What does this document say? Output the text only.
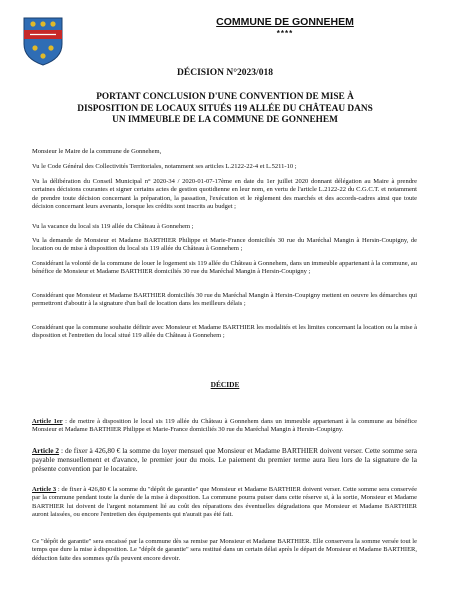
COMMUNE DE GONNEHEM
****
DÉCISION N°2023/018
PORTANT CONCLUSION D'UNE CONVENTION DE MISE À
DISPOSITION DE LOCAUX SITUÉS 119 ALLÉE DU CHÂTEAU DANS
UN IMMEUBLE DE LA COMMUNE DE GONNEHEM
Monsieur le Maire de la commune de Gonnehem,
Vu le Code Général des Collectivités Territoriales, notamment ses articles L.2122-22-4 et L.5211-10 ;
Vu la délibération du Conseil Municipal n° 2020-34 / 2020-01-07-17ème en date du 1er juillet 2020 donnant délégation au Maire à prendre certaines décisions courantes et signer certains actes de gestion quotidienne en leur nom, en vertu de l'article L.2122-22 du C.G.C.T. et notamment de prendre toute décision concernant la préparation, la passation, l'exécution et le règlement des marchés et des accords-cadres ainsi que toute décision concernant leurs avenants, lorsque les crédits sont inscrits au budget ;
Vu la vacance du local sis 119 allée du Château à Gonnehem ;
Vu la demande de Monsieur et Madame BARTHIER Philippe et Marie-France domiciliés 30 rue du Maréchal Mangin à Hersin-Coupigny, de location ou de mise à disposition du local sis 119 allée du Château à Gonnehem ;
Considérant la volonté de la commune de louer le logement sis 119 allée du Château à Gonnehem, dans un immeuble appartenant à la commune, au bénéfice de Monsieur et Madame BARTHIER domiciliés 30 rue du Maréchal Mangin à Hersin-Coupigny ;
Considérant que Monsieur et Madame BARTHIER domiciliés 30 rue du Maréchal Mangin à Hersin-Coupigny mettent en oeuvre les démarches qui permettront d'aboutir à la signature d'un bail de location dans les meilleurs délais ;
Considérant que la commune souhaite définir avec Monsieur et Madame BARTHIER les modalités et les limites concernant la location ou la mise à disposition et l'entretien du local situé 119 allée du Château à Gonnehem ;
DÉCIDE
Article 1er : de mettre à disposition le local sis 119 allée du Château à Gonnehem dans un immeuble appartenant à la commune au bénéfice Monsieur et Madame BARTHIER Philippe et Marie-France domiciliés 30 rue du Maréchal Mangin à Hersin-Coupigny.
Article 2 : de fixer à 426,80 € la somme du loyer mensuel que Monsieur et Madame BARTHIER doivent verser. Cette somme sera payable mensuellement et d'avance, le premier jour du mois. Le paiement du premier terme aura lieu lors de la signature de la présente convention par le locataire.
Article 3 : de fixer à 426,80 € la somme du "dépôt de garantie" que Monsieur et Madame BARTHIER doivent verser. Cette somme sera conservée par la commune pendant toute la durée de la mise à disposition. La commune pourra puiser dans cette réserve si, à la sortie, Monsieur et Madame BARTHIER lui doivent de l'argent notamment lié au coût des réparations des éventuelles dégradations que Monsieur et Madame BARTHIER auront laissées, ou encore l'entretien des équipements qui n'aurait pas été fait.
Ce "dépôt de garantie" sera encaissé par la commune dès sa remise par Monsieur et Madame BARTHIER. Elle conservera la somme versée tout le temps que dure la mise à disposition. Le "dépôt de garantie" sera restitué dans un certain délai après le départ de Monsieur et Madame BARTHIER, déduction faite des sommes qu'ils peuvent encore devoir.
